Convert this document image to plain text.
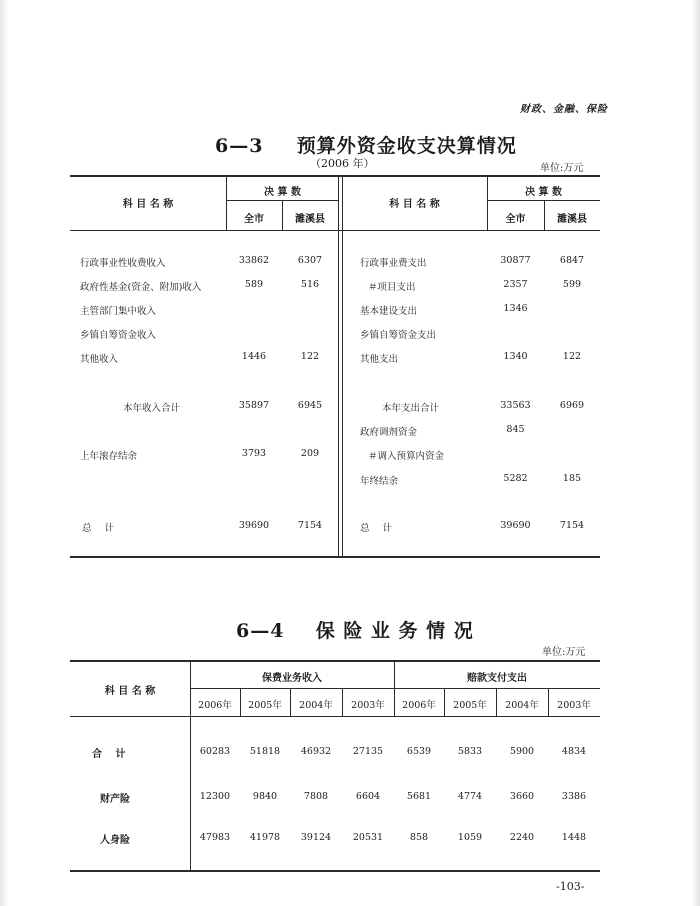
财政、金融、保险
6—3 预算外资金收支决算情况
（2006 年）	单位:万元
科 目 名 称
决 算 数
全市	濉溪县
科 目 名 称
决 算 数
全市	濉溪县
行政事业性收费收入	33862	6307
政府性基金(资金、附加)收入	589	516
主管部门集中收入
乡镇自筹资金收入
其他收入	1446	122
本年收入合计	35897	6945
上年滚存结余	3793	209
总 计	39690	7154
行政事业费支出	30877	6847
＃项目支出	2357	599
基本建设支出	1346
乡镇自筹资金支出
其他支出	1340	122
本年支出合计	33563	6969
政府调剂资金	845
＃调入预算内资金
年终结余	5282	185
总 计	39690	7154
6—4 保 险 业 务 情 况
单位:万元
科 目 名 称
保费业务收入	赔款支付支出
2006年	2005年	2004年	2003年	2006年	2005年	2004年	2003年
合 计	60283	51818	46932	27135	6539	5833	5900	4834
财产险	12300	9840	7808	6604	5681	4774	3660	3386
人身险	47983	41978	39124	20531	858	1059	2240	1448
-103-
